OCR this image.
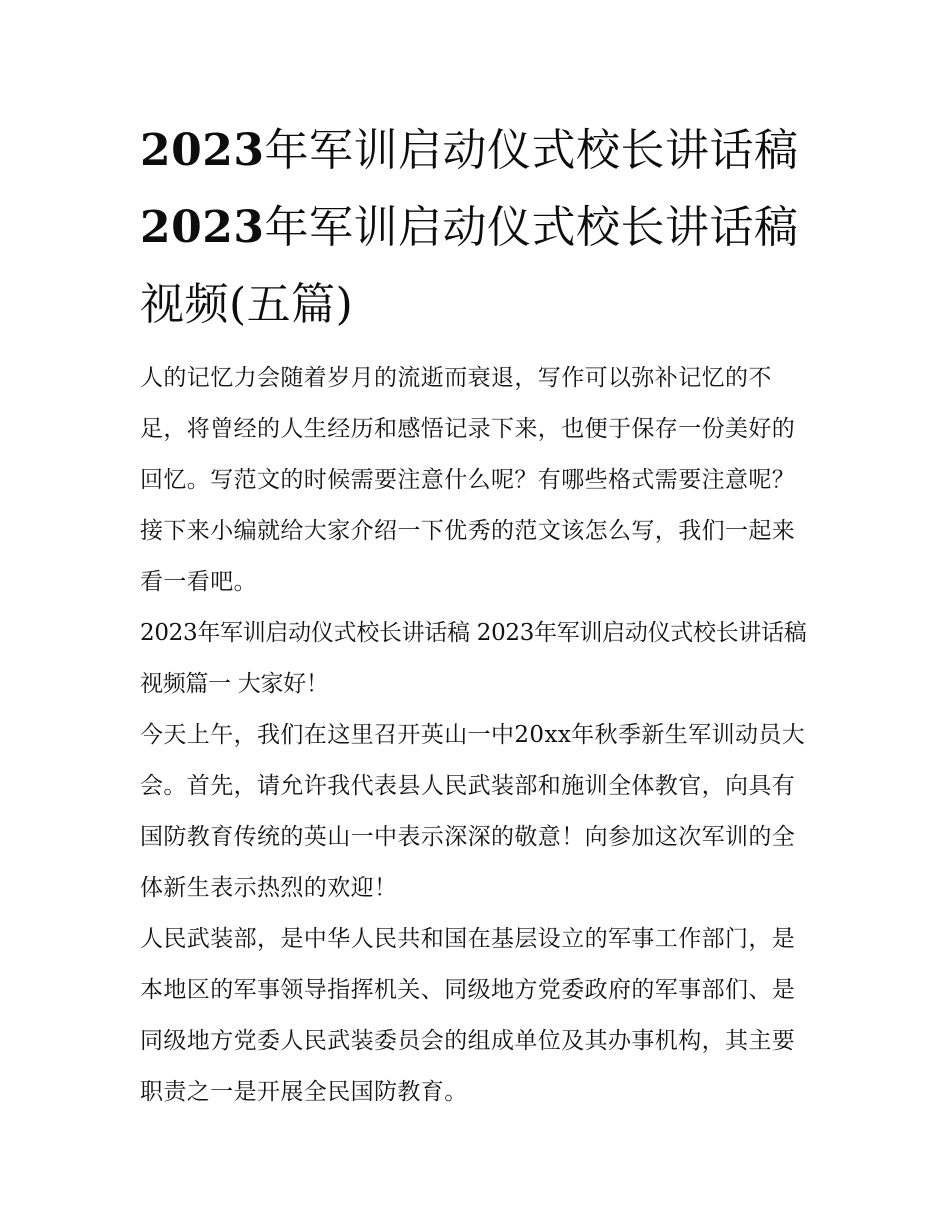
2023年军训启动仪式校长讲话稿 2023年军训启动仪式校长讲话稿视频(五篇)

人的记忆力会随着岁月的流逝而衰退，写作可以弥补记忆的不足，将曾经的人生经历和感悟记录下来，也便于保存一份美好的回忆。写范文的时候需要注意什么呢？有哪些格式需要注意呢？接下来小编就给大家介绍一下优秀的范文该怎么写，我们一起来看一看吧。

2023年军训启动仪式校长讲话稿 2023年军训启动仪式校长讲话稿视频篇一 大家好！

今天上午，我们在这里召开英山一中20xx年秋季新生军训动员大会。首先，请允许我代表县人民武装部和施训全体教官，向具有国防教育传统的英山一中表示深深的敬意！向参加这次军训的全体新生表示热烈的欢迎！

人民武装部，是中华人民共和国在基层设立的军事工作部门，是本地区的军事领导指挥机关、同级地方党委政府的军事部们、是同级地方党委人民武装委员会的组成单位及其办事机构，其主要职责之一是开展全民国防教育。
